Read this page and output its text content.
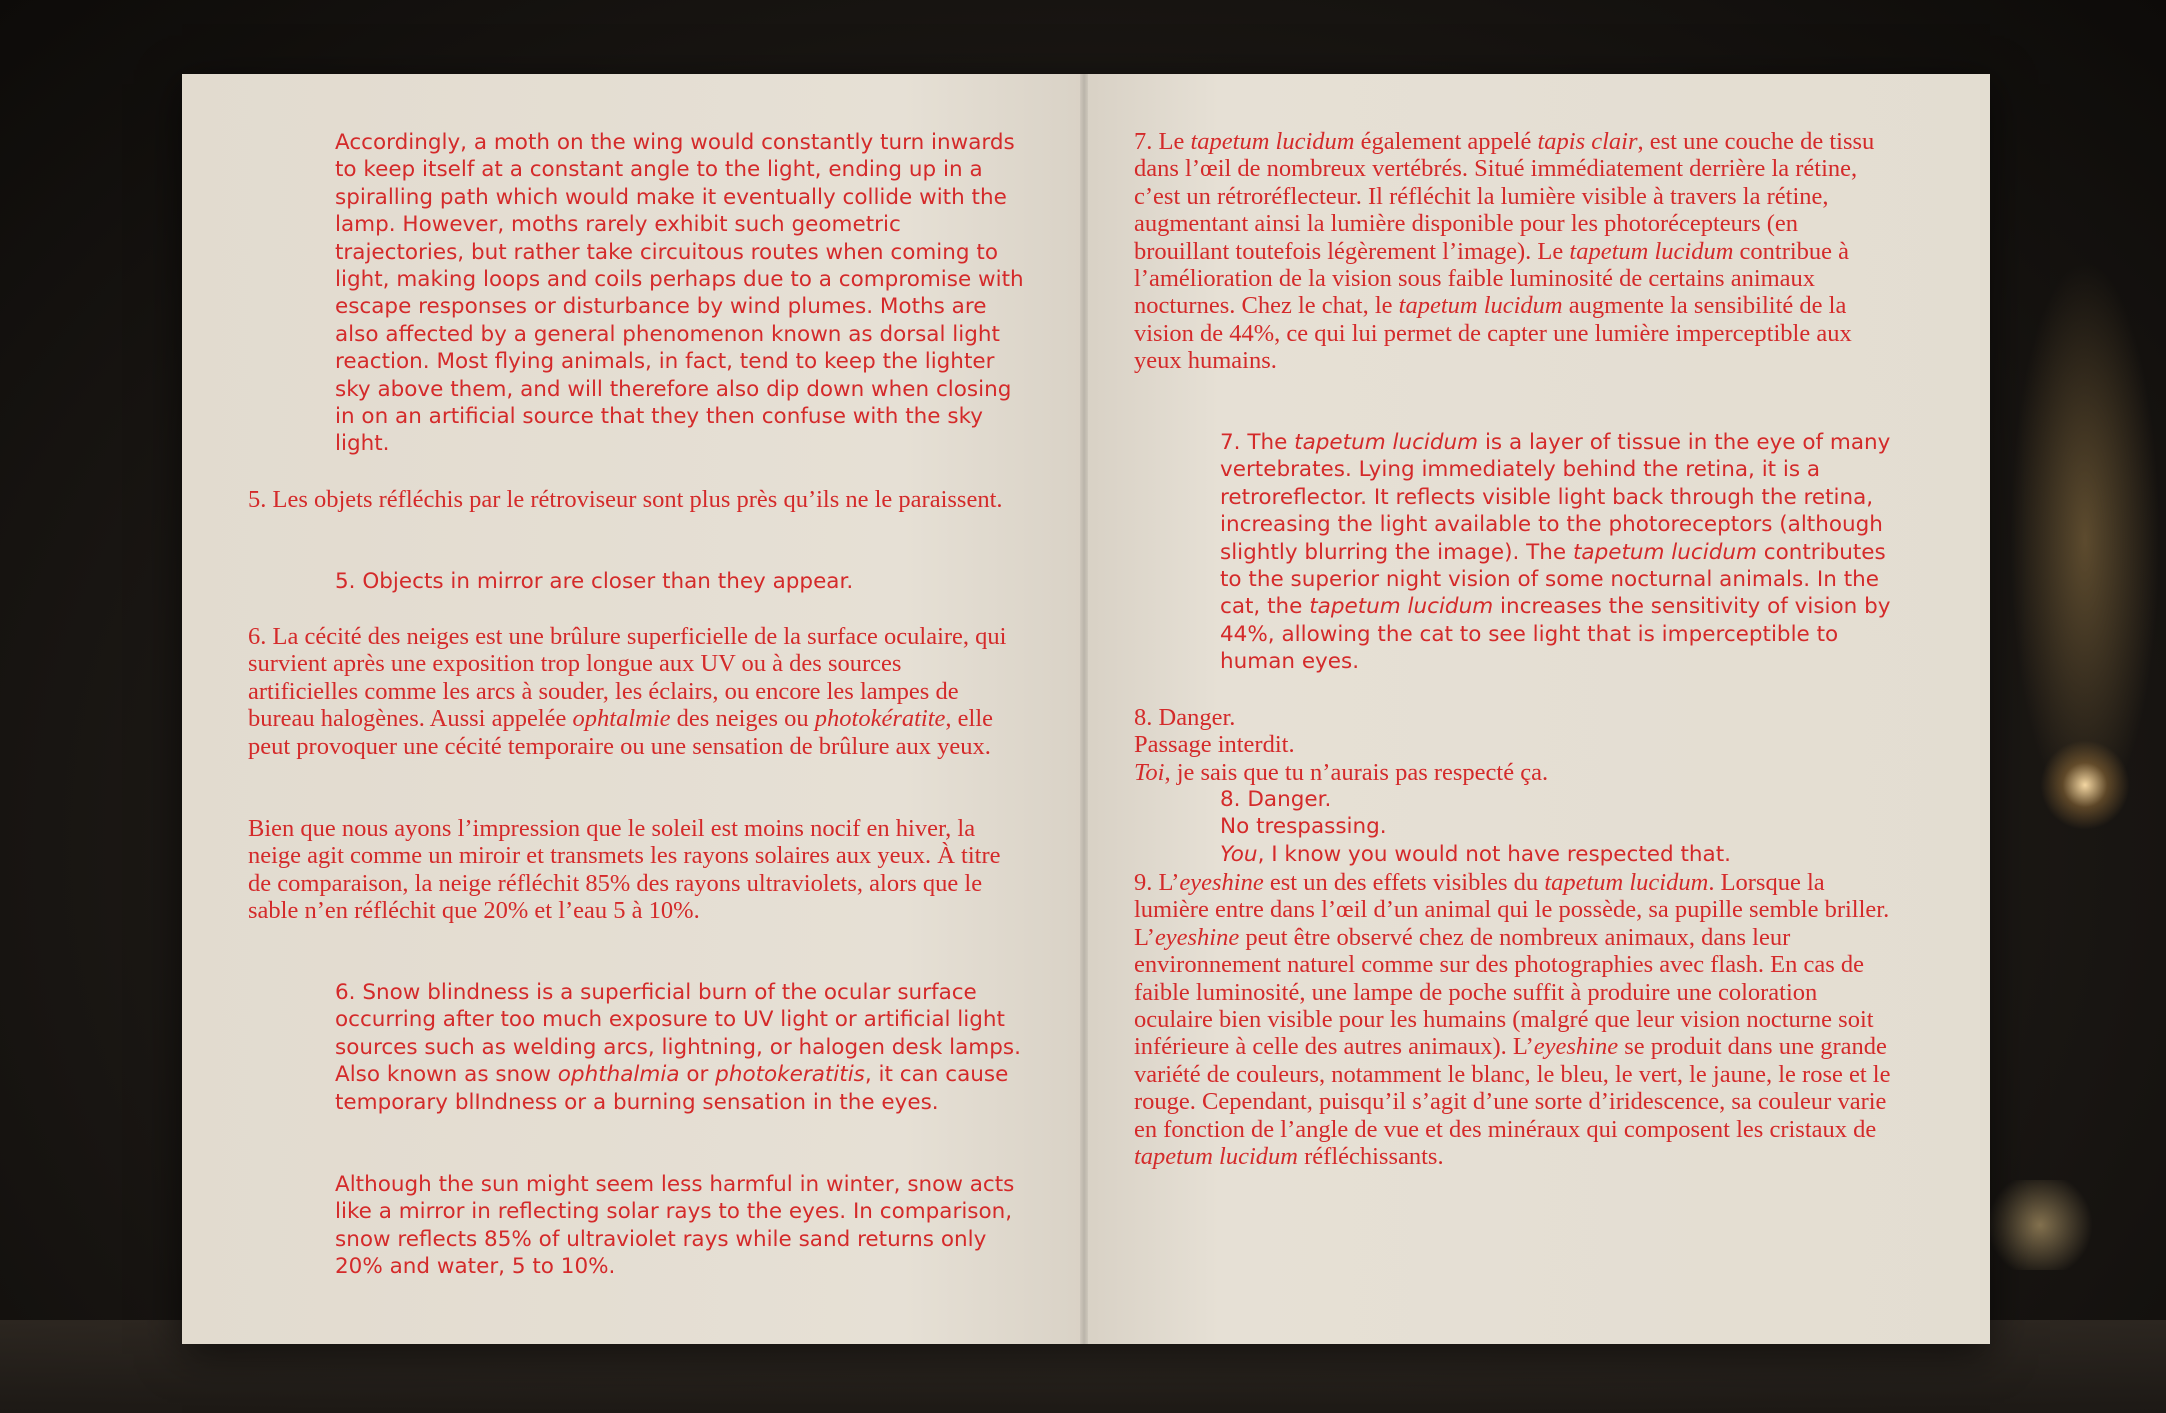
Accordingly, a moth on the wing would constantly turn inwards to keep itself at a constant angle to the light, ending up in a spiralling path which would make it eventually collide with the lamp. However, moths rarely exhibit such geometric trajectories, but rather take circuitous routes when coming to light, making loops and coils perhaps due to a compromise with escape responses or disturbance by wind plumes. Moths are also affected by a general phenomenon known as dorsal light reaction. Most flying animals, in fact, tend to keep the lighter sky above them, and will therefore also dip down when closing in on an artificial source that they then confuse with the sky light.

5. Les objets réfléchis par le rétroviseur sont plus près qu’ils ne le paraissent.

5. Objects in mirror are closer than they appear.

6. La cécité des neiges est une brûlure superficielle de la surface oculaire, qui survient après une exposition trop longue aux UV ou à des sources artificielles comme les arcs à souder, les éclairs, ou encore les lampes de bureau halogènes. Aussi appelée ophtalmie des neiges ou photokératite, elle peut provoquer une cécité temporaire ou une sensation de brûlure aux yeux.

Bien que nous ayons l’impression que le soleil est moins nocif en hiver, la neige agit comme un miroir et transmets les rayons solaires aux yeux. À titre de comparaison, la neige réfléchit 85% des rayons ultraviolets, alors que le sable n’en réfléchit que 20% et l’eau 5 à 10%.

6. Snow blindness is a superficial burn of the ocular surface occurring after too much exposure to UV light or artificial light sources such as welding arcs, lightning, or halogen desk lamps. Also known as snow ophthalmia or photokeratitis, it can cause temporary blIndness or a burning sensation in the eyes.

Although the sun might seem less harmful in winter, snow acts like a mirror in reflecting solar rays to the eyes. In comparison, snow reflects 85% of ultraviolet rays while sand returns only 20% and water, 5 to 10%.

7. Le tapetum lucidum également appelé tapis clair, est une couche de tissu dans l’œil de nombreux vertébrés. Situé immédiatement derrière la rétine, c’est un rétroréflecteur. Il réfléchit la lumière visible à travers la rétine, augmentant ainsi la lumière disponible pour les photorécepteurs (en brouillant toutefois légèrement l’image). Le tapetum lucidum contribue à l’amélioration de la vision sous faible luminosité de certains animaux nocturnes. Chez le chat, le tapetum lucidum augmente la sensibilité de la vision de 44%, ce qui lui permet de capter une lumière imperceptible aux yeux humains.

7. The tapetum lucidum is a layer of tissue in the eye of many vertebrates. Lying immediately behind the retina, it is a retroreflector. It reflects visible light back through the retina, increasing the light available to the photoreceptors (although slightly blurring the image). The tapetum lucidum contributes to the superior night vision of some nocturnal animals. In the cat, the tapetum lucidum increases the sensitivity of vision by 44%, allowing the cat to see light that is imperceptible to human eyes.

8. Danger.
Passage interdit.
Toi, je sais que tu n’aurais pas respecté ça.

8. Danger.
No trespassing.
You, I know you would not have respected that.

9. L’eyeshine est un des effets visibles du tapetum lucidum. Lorsque la lumière entre dans l’œil d’un animal qui le possède, sa pupille semble briller. L’eyeshine peut être observé chez de nombreux animaux, dans leur environnement naturel comme sur des photographies avec flash. En cas de faible luminosité, une lampe de poche suffit à produire une coloration oculaire bien visible pour les humains (malgré que leur vision nocturne soit inférieure à celle des autres animaux). L’eyeshine se produit dans une grande variété de couleurs, notamment le blanc, le bleu, le vert, le jaune, le rose et le rouge. Cependant, puisqu’il s’agit d’une sorte d’iridescence, sa couleur varie en fonction de l’angle de vue et des minéraux qui composent les cristaux de tapetum lucidum réfléchissants.
